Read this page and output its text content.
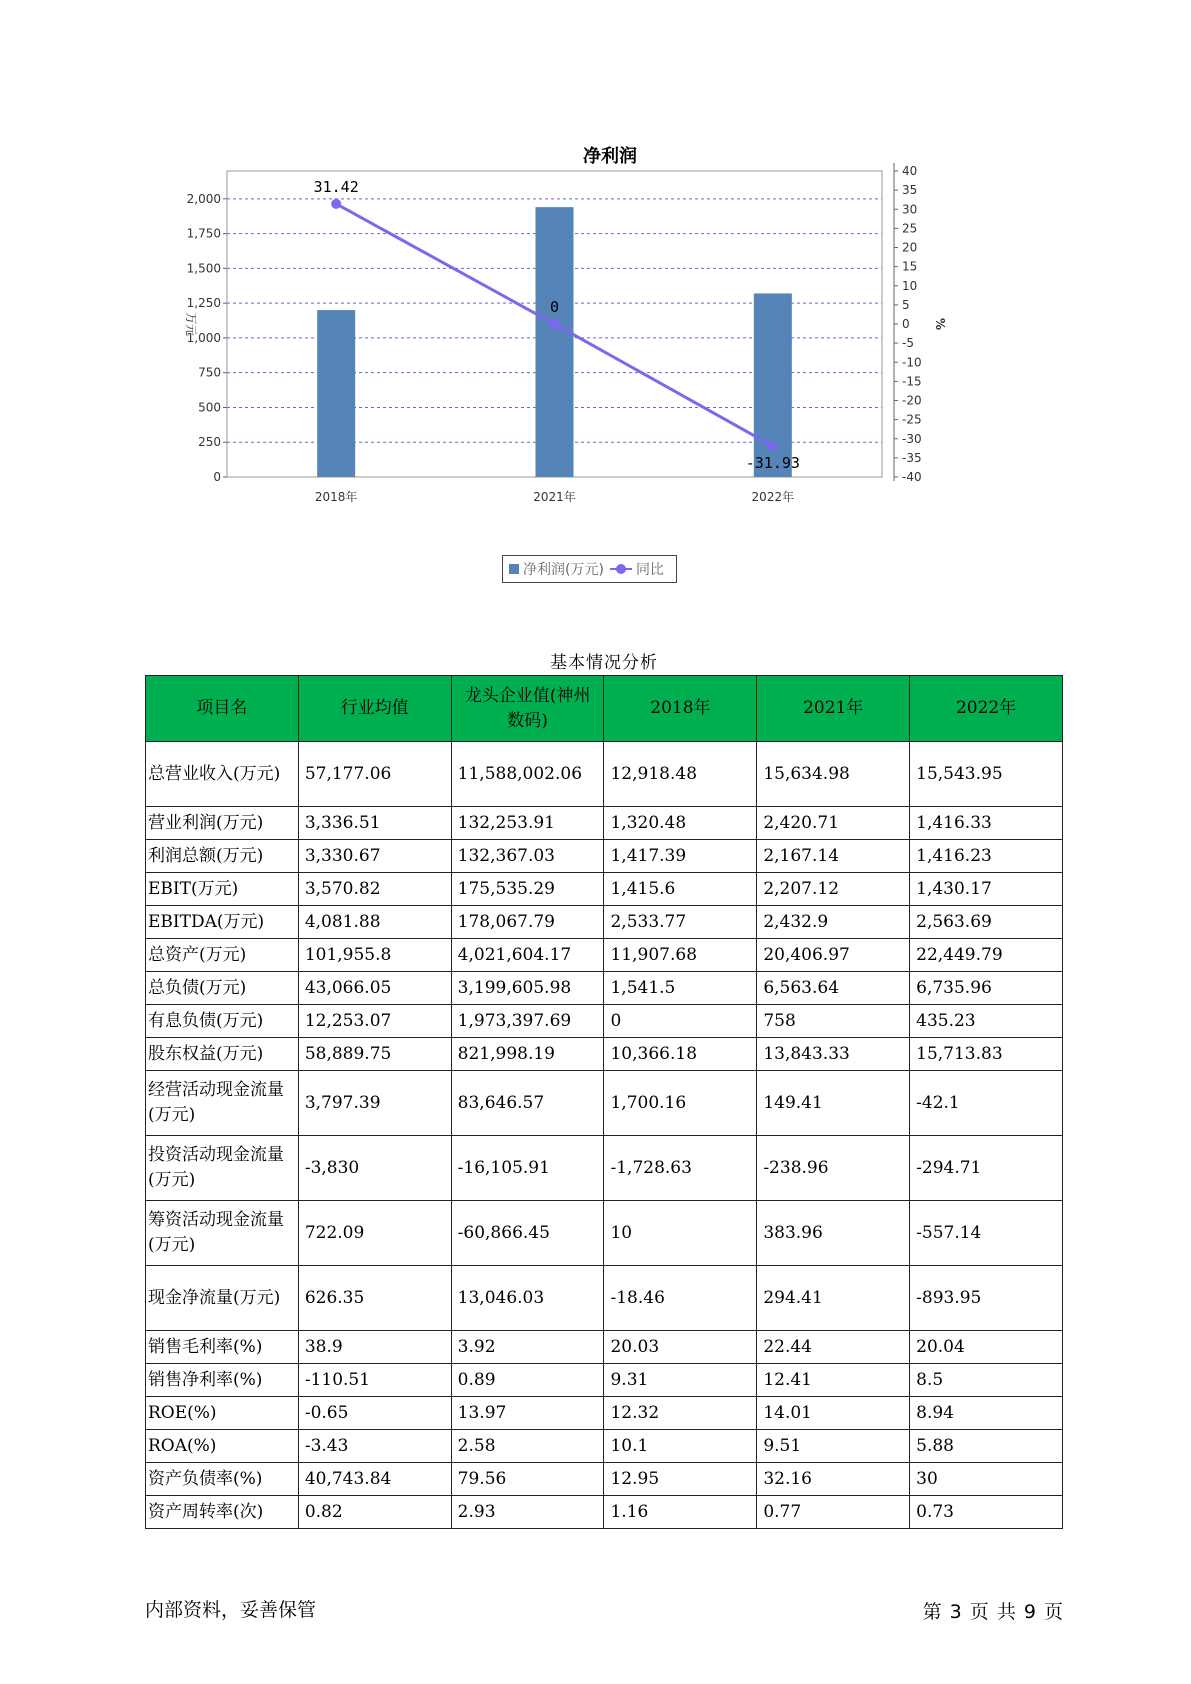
净利润
0
250
500
750
1,000
1,250
1,500
1,750
2,000
40
35
30
25
20
15
10
5
0
-5
-10
-15
-20
-25
-30
-35
-40
万元	%
2018年	2021年	2022年
31.42
0
-31.93
净利润(万元) 同比
基本情况分析
项目名	行业均值	龙头企业值(神州数码)	2018年	2021年	2022年
总营业收入(万元)	57,177.06	11,588,002.06	12,918.48	15,634.98	15,543.95
营业利润(万元)	3,336.51	132,253.91	1,320.48	2,420.71	1,416.33
利润总额(万元)	3,330.67	132,367.03	1,417.39	2,167.14	1,416.23
EBIT(万元)	3,570.82	175,535.29	1,415.6	2,207.12	1,430.17
EBITDA(万元)	4,081.88	178,067.79	2,533.77	2,432.9	2,563.69
总资产(万元)	101,955.8	4,021,604.17	11,907.68	20,406.97	22,449.79
总负债(万元)	43,066.05	3,199,605.98	1,541.5	6,563.64	6,735.96
有息负债(万元)	12,253.07	1,973,397.69	0	758	435.23
股东权益(万元)	58,889.75	821,998.19	10,366.18	13,843.33	15,713.83
经营活动现金流量(万元)	3,797.39	83,646.57	1,700.16	149.41	-42.1
投资活动现金流量(万元)	-3,830	-16,105.91	-1,728.63	-238.96	-294.71
筹资活动现金流量(万元)	722.09	-60,866.45	10	383.96	-557.14
现金净流量(万元)	626.35	13,046.03	-18.46	294.41	-893.95
销售毛利率(%)	38.9	3.92	20.03	22.44	20.04
销售净利率(%)	-110.51	0.89	9.31	12.41	8.5
ROE(%)	-0.65	13.97	12.32	14.01	8.94
ROA(%)	-3.43	2.58	10.1	9.51	5.88
资产负债率(%)	40,743.84	79.56	12.95	32.16	30
资产周转率(次)	0.82	2.93	1.16	0.77	0.73
内部资料，妥善保管	第 3 页 共 9 页
